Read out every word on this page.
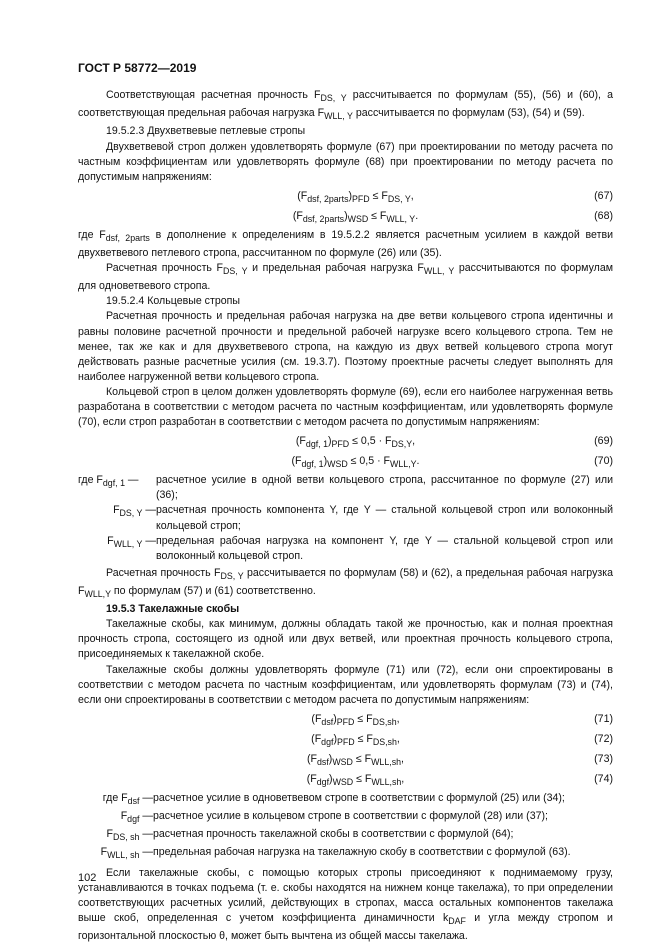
ГОСТ Р 58772—2019

Соответствующая расчетная прочность $F_{DS, Y}$ рассчитывается по формулам (55), (56) и (60), а соответствующая предельная рабочая нагрузка $F_{WLL, Y}$ рассчитывается по формулам (53), (54) и (59).

19.5.2.3 Двухветвевые петлевые стропы

Двухветвевой строп должен удовлетворять формуле (67) при проектировании по методу расчета по частным коэффициентам или удовлетворять формуле (68) при проектировании по методу расчета по допустимым напряжениям:

$(F_{dsf, 2parts})_{PFD} \le F_{DS, Y}$,	(67)
$(F_{dsf, 2parts})_{WSD} \le F_{WLL, Y}$.	(68)

где $F_{dsf, 2parts}$ в дополнение к определениям в 19.5.2.2 является расчетным усилием в каждой ветви двухветвевого петлевого стропа, рассчитанном по формуле (26) или (35).

Расчетная прочность $F_{DS, Y}$ и предельная рабочая нагрузка $F_{WLL, Y}$ рассчитываются по формулам для одноветвевого стропа.

19.5.2.4 Кольцевые стропы

Расчетная прочность и предельная рабочая нагрузка на две ветви кольцевого стропа идентичны и равны половине расчетной прочности и предельной рабочей нагрузке всего кольцевого стропа. Тем не менее, так же как и для двухветвевого стропа, на каждую из двух ветвей кольцевого стропа могут действовать разные расчетные усилия (см. 19.3.7). Поэтому проектные расчеты следует выполнять для наиболее нагруженной ветви кольцевого стропа.

Кольцевой строп в целом должен удовлетворять формуле (69), если его наиболее нагруженная ветвь разработана в соответствии с методом расчета по частным коэффициентам, или удовлетворять формуле (70), если строп разработан в соответствии с методом расчета по допустимым напряжениям:

$(F_{dgf, 1})_{PFD} \le 0,5 \cdot F_{DS,Y}$,	(69)
$(F_{dgf, 1})_{WSD} \le 0,5 \cdot F_{WLL,Y}$.	(70)
где $F_{dgf, 1}$ —	расчетное усилие в одной ветви кольцевого стропа, рассчитанное по формуле (27) или (36);
$F_{DS, Y}$ — расчетная прочность компонента Y, где Y — стальной кольцевой строп или волоконный кольцевой строп;
$F_{WLL, Y}$ — предельная рабочая нагрузка на компонент Y, где Y — стальной кольцевой строп или волоконный кольцевой строп.

Расчетная прочность $F_{DS, Y}$ рассчитывается по формулам (58) и (62), а предельная рабочая нагрузка $F_{WLL,Y}$ по формулам (57) и (61) соответственно.

19.5.3 Такелажные скобы

Такелажные скобы, как минимум, должны обладать такой же прочностью, как и полная проектная прочность стропа, состоящего из одной или двух ветвей, или проектная прочность кольцевого стропа, присоединяемых к такелажной скобе.

Такелажные скобы должны удовлетворять формуле (71) или (72), если они спроектированы в соответствии с методом расчета по частным коэффициентам, или удовлетворять формулам (73) и (74), если они спроектированы в соответствии с методом расчета по допустимым напряжениям:

$(F_{dsf})_{PFD} \le F_{DS,sh}$,	(71)
$(F_{dgf})_{PFD} \le F_{DS,sh}$,	(72)
$(F_{dsf})_{WSD} \le F_{WLL,sh}$,	(73)
$(F_{dgf})_{WSD} \le F_{WLL,sh}$,	(74)
где $F_{dsf}$ — расчетное усилие в одноветвевом стропе в соответствии с формулой (25) или (34);
$F_{dgf}$ — расчетное усилие в кольцевом стропе в соответствии с формулой (28) или (37);
$F_{DS, sh}$ — расчетная прочность такелажной скобы в соответствии с формулой (64);
$F_{WLL, sh}$ — предельная рабочая нагрузка на такелажную скобу в соответствии с формулой (63).

Если такелажные скобы, с помощью которых стропы присоединяют к поднимаемому грузу, устанавливаются в точках подъема (т. е. скобы находятся на нижнем конце такелажа), то при определении соответствующих расчетных усилий, действующих в стропах, масса остальных компонентов такелажа выше скоб, определенная с учетом коэффициента динамичности $k_{DAF}$ и угла между стропом и горизонтальной плоскостью θ, может быть вычтена из общей массы такелажа.

102
